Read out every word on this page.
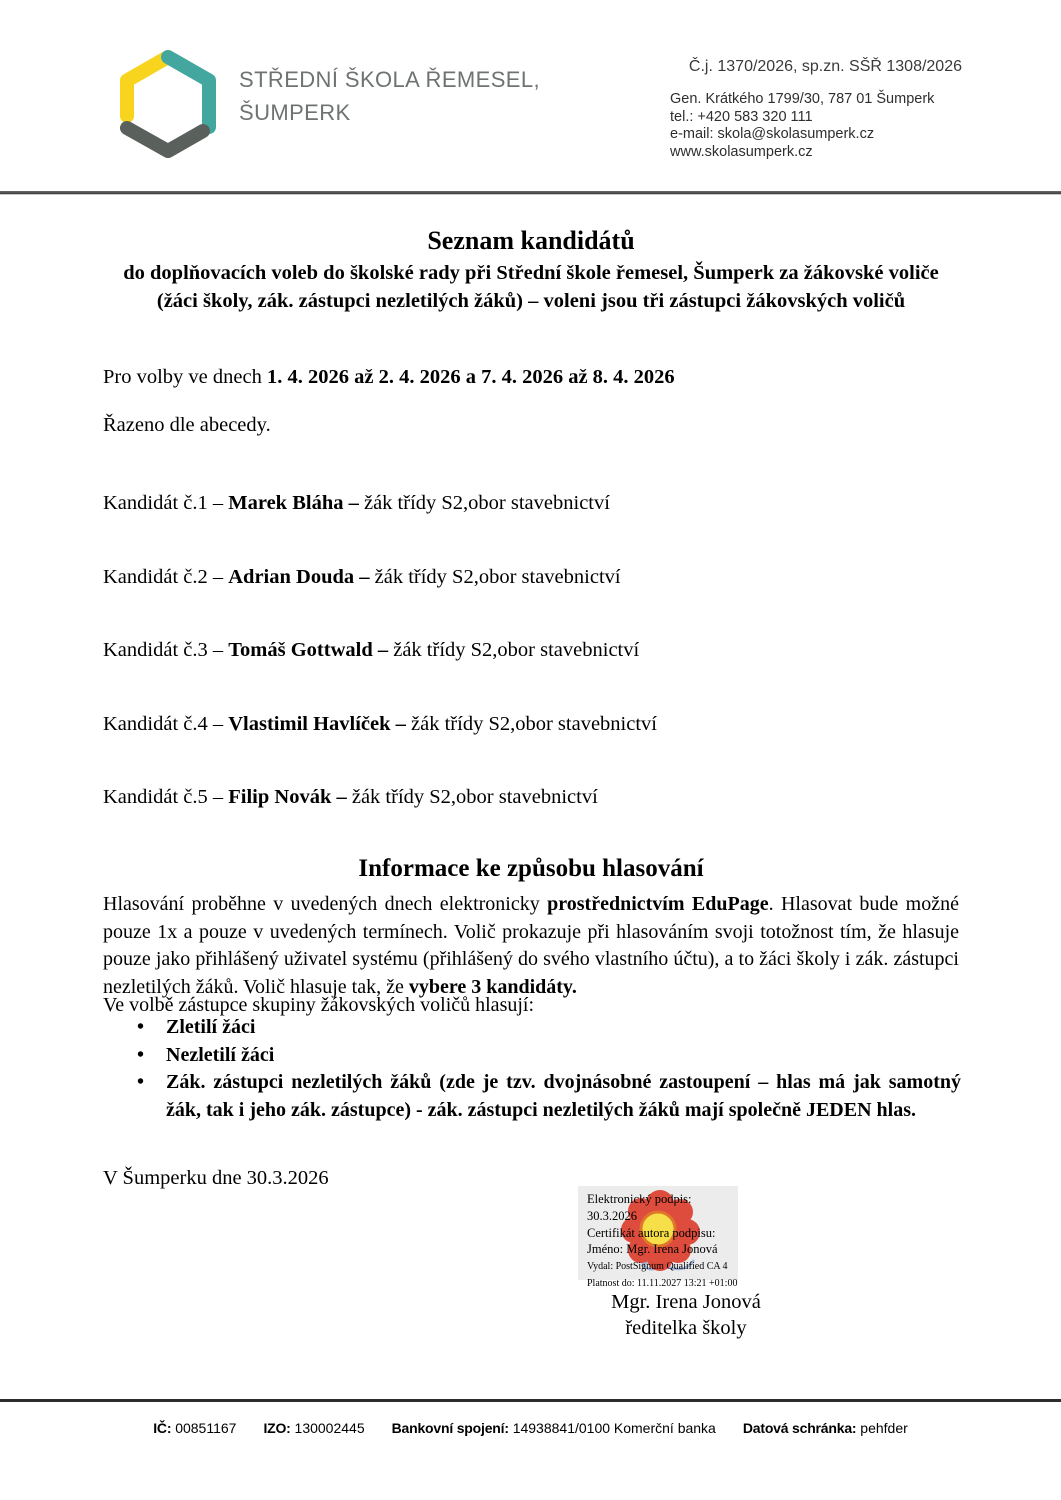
STŘEDNÍ ŠKOLA ŘEMESEL,
ŠUMPERK
Č.j. 1370/2026, sp.zn. SŠŘ 1308/2026
Gen. Krátkého 1799/30, 787 01 Šumperk
tel.: +420 583 320 111
e-mail: skola@skolasumperk.cz
www.skolasumperk.cz
Seznam kandidátů
do doplňovacích voleb do školské rady při Střední škole řemesel, Šumperk za žákovské voliče
(žáci školy, zák. zástupci nezletilých žáků) – voleni jsou tři zástupci žákovských voličů
Pro volby ve dnech 1. 4. 2026 až 2. 4. 2026 a 7. 4. 2026 až 8. 4. 2026
Řazeno dle abecedy.
Kandidát č.1 – Marek Bláha – žák třídy S2,obor stavebnictví
Kandidát č.2 – Adrian Douda – žák třídy S2,obor stavebnictví
Kandidát č.3 – Tomáš Gottwald – žák třídy S2,obor stavebnictví
Kandidát č.4 – Vlastimil Havlíček – žák třídy S2,obor stavebnictví
Kandidát č.5 – Filip Novák – žák třídy S2,obor stavebnictví
Informace ke způsobu hlasování
Hlasování proběhne v uvedených dnech elektronicky prostřednictvím EduPage. Hlasovat bude možné pouze 1x a pouze v uvedených termínech. Volič prokazuje při hlasováním svoji totožnost tím, že hlasuje pouze jako přihlášený uživatel systému (přihlášený do svého vlastního účtu), a to žáci školy i zák. zástupci nezletilých žáků. Volič hlasuje tak, že vybere 3 kandidáty.
Ve volbě zástupce skupiny žákovských voličů hlasují:
•	Zletilí žáci
•	Nezletilí žáci
•	Zák. zástupci nezletilých žáků (zde je tzv. dvojnásobné zastoupení – hlas má jak samotný žák, tak i jeho zák. zástupce) - zák. zástupci nezletilých žáků mají společně JEDEN hlas.
V Šumperku dne 30.3.2026
Elektronický podpis: 30.3.2026
Certifikát autora podpisu:
Jméno: Mgr. Irena Jonová
Vydal: PostSignum Qualified CA 4
Platnost do: 11.11.2027 13:21 +01:00
Mgr. Irena Jonová
ředitelka školy
IČ: 00851167 IZO: 130002445 Bankovní spojení: 14938841/0100 Komerční banka Datová schránka: pehfder
